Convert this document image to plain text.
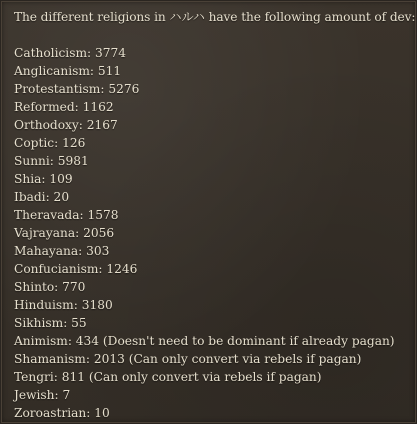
The different religions in ハルハ have the following amount of dev:
Catholicism: 3774
Anglicanism: 511
Protestantism: 5276
Reformed: 1162
Orthodoxy: 2167
Coptic: 126
Sunni: 5981
Shia: 109
Ibadi: 20
Theravada: 1578
Vajrayana: 2056
Mahayana: 303
Confucianism: 1246
Shinto: 770
Hinduism: 3180
Sikhism: 55
Animism: 434 (Doesn't need to be dominant if already pagan)
Shamanism: 2013 (Can only convert via rebels if pagan)
Tengri: 811 (Can only convert via rebels if pagan)
Jewish: 7
Zoroastrian: 10
